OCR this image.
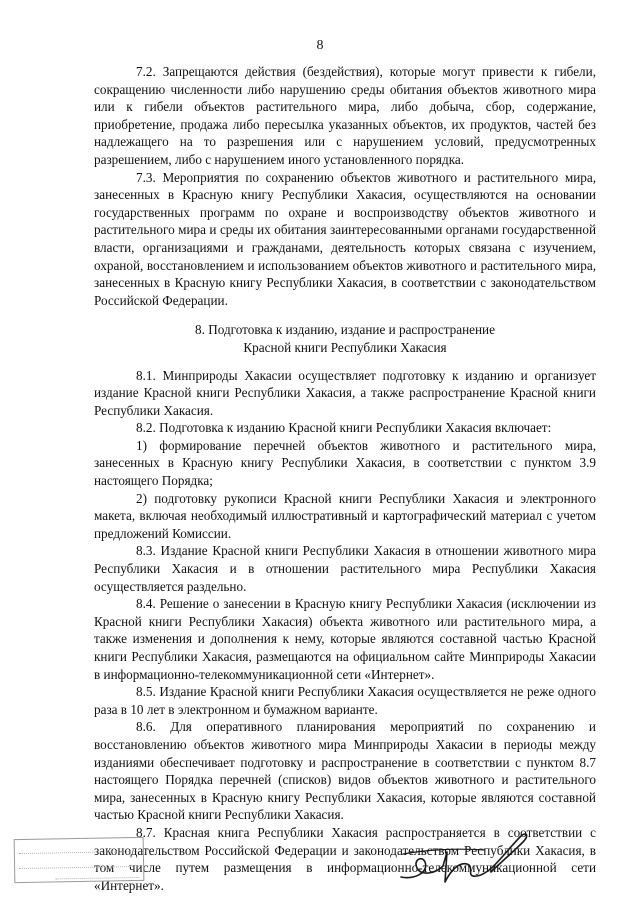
8

7.2. Запрещаются действия (бездействия), которые могут привести к гибели, сокращению численности либо нарушению среды обитания объектов животного мира или к гибели объектов растительного мира, либо добыча, сбор, содержание, приобретение, продажа либо пересылка указанных объектов, их продуктов, частей без надлежащего на то разрешения или с нарушением условий, предусмотренных разрешением, либо с нарушением иного установленного порядка.

7.3. Мероприятия по сохранению объектов животного и растительного мира, занесенных в Красную книгу Республики Хакасия, осуществляются на основании государственных программ по охране и воспроизводству объектов животного и растительного мира и среды их обитания заинтересованными органами государственной власти, организациями и гражданами, деятельность которых связана с изучением, охраной, восстановлением и использованием объектов животного и растительного мира, занесенных в Красную книгу Республики Хакасия, в соответствии с законодательством Российской Федерации.

8. Подготовка к изданию, издание и распространение
Красной книги Республики Хакасия

8.1. Минприроды Хакасии осуществляет подготовку к изданию и организует издание Красной книги Республики Хакасия, а также распространение Красной книги Республики Хакасия.

8.2. Подготовка к изданию Красной книги Республики Хакасия включает:

1) формирование перечней объектов животного и растительного мира, занесенных в Красную книгу Республики Хакасия, в соответствии с пунктом 3.9 настоящего Порядка;

2) подготовку рукописи Красной книги Республики Хакасия и электронного макета, включая необходимый иллюстративный и картографический материал с учетом предложений Комиссии.

8.3. Издание Красной книги Республики Хакасия в отношении животного мира Республики Хакасия и в отношении растительного мира Республики Хакасия осуществляется раздельно.

8.4. Решение о занесении в Красную книгу Республики Хакасия (исключении из Красной книги Республики Хакасия) объекта животного или растительного мира, а также изменения и дополнения к нему, которые являются составной частью Красной книги Республики Хакасия, размещаются на официальном сайте Минприроды Хакасии в информационно-телекоммуникационной сети «Интернет».

8.5. Издание Красной книги Республики Хакасия осуществляется не реже одного раза в 10 лет в электронном и бумажном варианте.

8.6. Для оперативного планирования мероприятий по сохранению и восстановлению объектов животного мира Минприроды Хакасии в периоды между изданиями обеспечивает подготовку и распространение в соответствии с пунктом 8.7 настоящего Порядка перечней (списков) видов объектов животного и растительного мира, занесенных в Красную книгу Республики Хакасия, которые являются составной частью Красной книги Республики Хакасия.

8.7. Красная книга Республики Хакасия распространяется в соответствии с законодательством Российской Федерации и законодательством Республики Хакасия, в том числе путем размещения в информационно-телекоммуникационной сети «Интернет».
